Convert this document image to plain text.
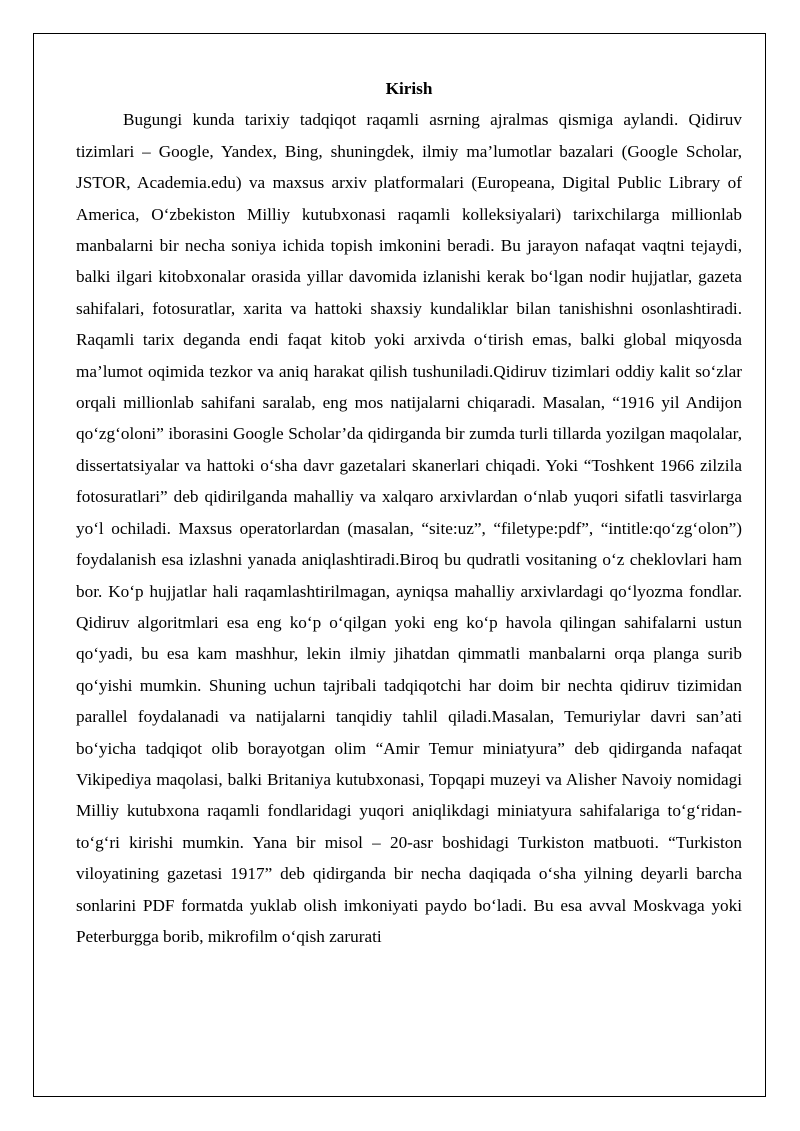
Kirish

Bugungi kunda tarixiy tadqiqot raqamli asrning ajralmas qismiga aylandi. Qidiruv tizimlari – Google, Yandex, Bing, shuningdek, ilmiy ma’lumotlar bazalari (Google Scholar, JSTOR, Academia.edu) va maxsus arxiv platformalari (Europeana, Digital Public Library of America, O‘zbekiston Milliy kutubxonasi raqamli kolleksiyalari) tarixchilarga millionlab manbalarni bir necha soniya ichida topish imkonini beradi. Bu jarayon nafaqat vaqtni tejaydi, balki ilgari kitobxonalar orasida yillar davomida izlanishi kerak bo‘lgan nodir hujjatlar, gazeta sahifalari, fotosuratlar, xarita va hattoki shaxsiy kundaliklar bilan tanishishni osonlashtiradi. Raqamli tarix deganda endi faqat kitob yoki arxivda o‘tirish emas, balki global miqyosda ma’lumot oqimida tezkor va aniq harakat qilish tushuniladi.Qidiruv tizimlari oddiy kalit so‘zlar orqali millionlab sahifani saralab, eng mos natijalarni chiqaradi. Masalan, “1916 yil Andijon qo‘zg‘oloni” iborasini Google Scholar’da qidirganda bir zumda turli tillarda yozilgan maqolalar, dissertatsiyalar va hattoki o‘sha davr gazetalari skanerlari chiqadi. Yoki “Toshkent 1966 zilzila fotosuratlari” deb qidirilganda mahalliy va xalqaro arxivlardan o‘nlab yuqori sifatli tasvirlarga yo‘l ochiladi. Maxsus operatorlardan (masalan, “site:uz”, “filetype:pdf”, “intitle:qo‘zg‘olon”) foydalanish esa izlashni yanada aniqlashtiradi.Biroq bu qudratli vositaning o‘z cheklovlari ham bor. Ko‘p hujjatlar hali raqamlashtirilmagan, ayniqsa mahalliy arxivlardagi qo‘lyozma fondlar. Qidiruv algoritmlari esa eng ko‘p o‘qilgan yoki eng ko‘p havola qilingan sahifalarni ustun qo‘yadi, bu esa kam mashhur, lekin ilmiy jihatdan qimmatli manbalarni orqa planga surib qo‘yishi mumkin. Shuning uchun tajribali tadqiqotchi har doim bir nechta qidiruv tizimidan parallel foydalanadi va natijalarni tanqidiy tahlil qiladi.Masalan, Temuriylar davri san’ati bo‘yicha tadqiqot olib borayotgan olim “Amir Temur miniatyura” deb qidirganda nafaqat Vikipediya maqolasi, balki Britaniya kutubxonasi, Topqapi muzeyi va Alisher Navoiy nomidagi Milliy kutubxona raqamli fondlaridagi yuqori aniqlikdagi miniatyura sahifalariga to‘g‘ridan-to‘g‘ri kirishi mumkin. Yana bir misol – 20-asr boshidagi Turkiston matbuoti. “Turkiston viloyatining gazetasi 1917” deb qidirganda bir necha daqiqada o‘sha yilning deyarli barcha sonlarini PDF formatda yuklab olish imkoniyati paydo bo‘ladi. Bu esa avval Moskvaga yoki Peterburgga borib, mikrofilm o‘qish zarurati
